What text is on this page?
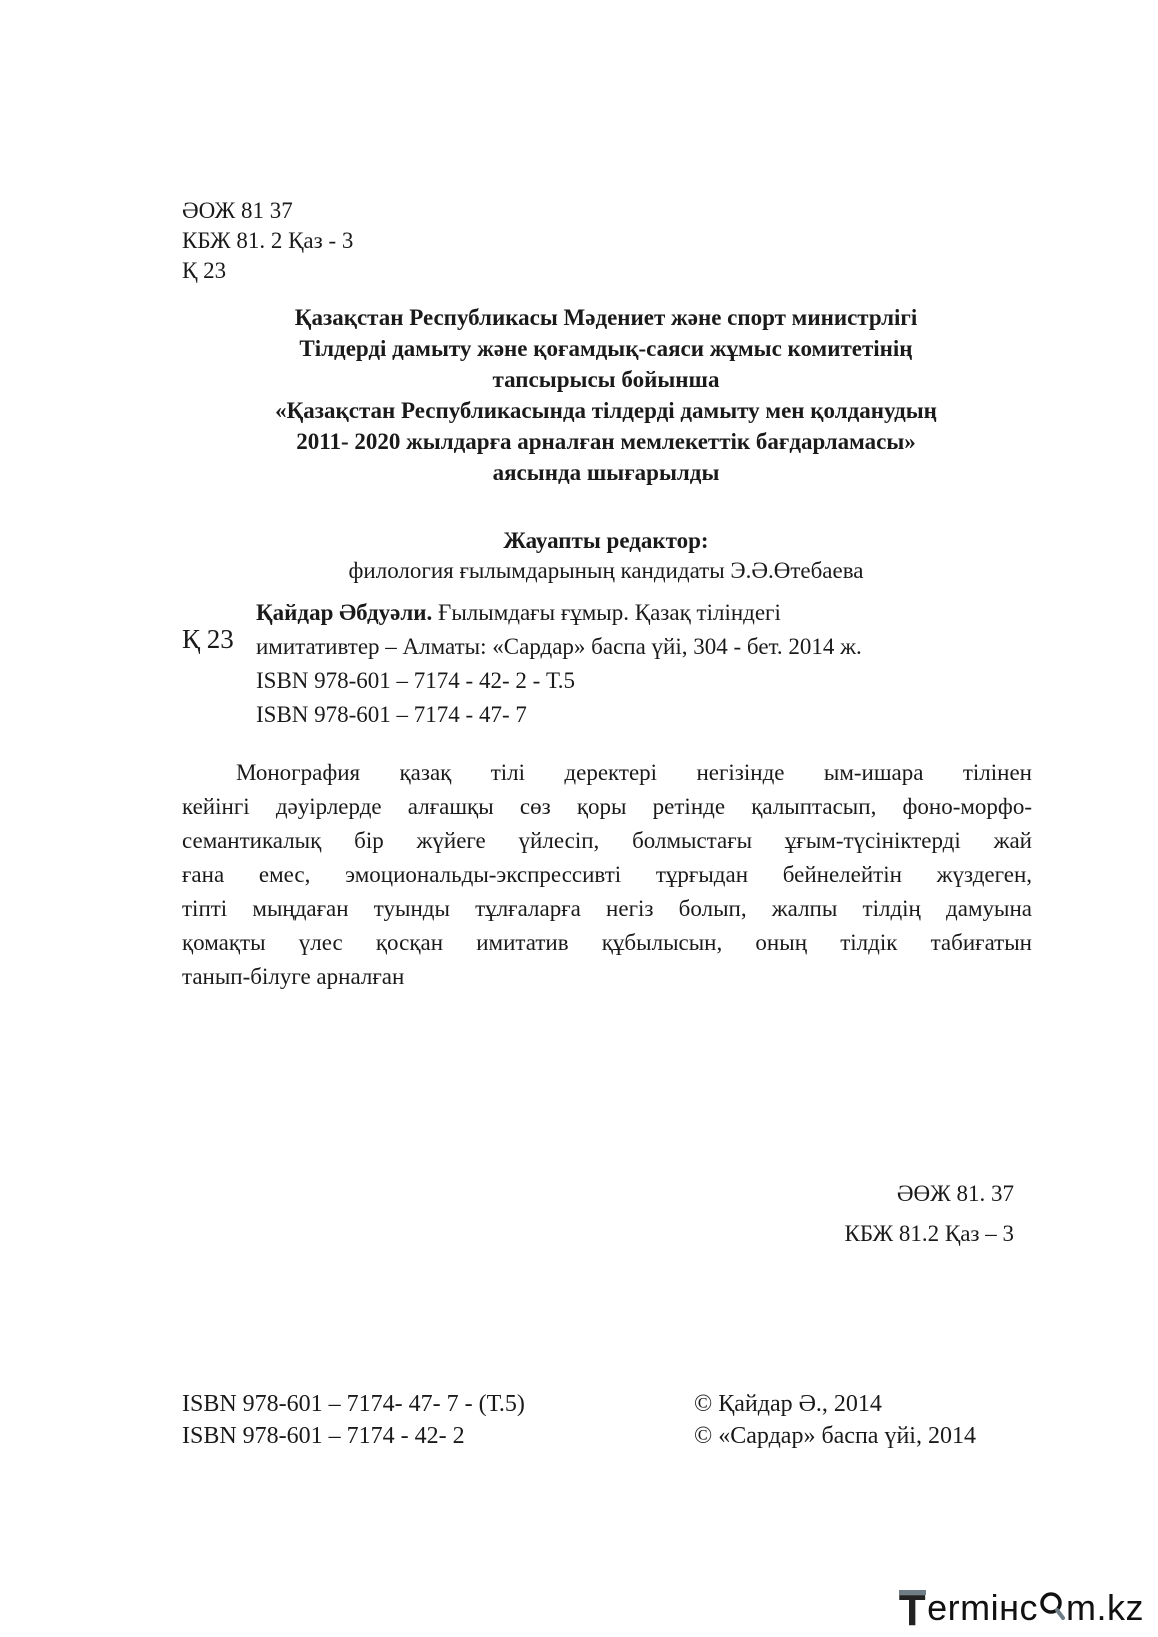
ӘОЖ 81 37
КБЖ 81. 2 Қаз - 3
Қ 23
Қазақстан Республикасы Мәдениет және спорт министрлігі
Тілдерді дамыту және қоғамдық-саяси жұмыс комитетінің
тапсырысы бойынша
«Қазақстан Республикасында тілдерді дамыту мен қолданудың
2011- 2020 жылдарға арналған мемлекеттік бағдарламасы»
аясында шығарылды
Жауапты редактор:
филология ғылымдарының кандидаты Э.Ә.Өтебаева
Қ 23
Қайдар Әбдуәли. Ғылымдағы ғұмыр. Қазақ тіліндегі
имитативтер – Алматы: «Сардар» баспа үйі, 304 - бет. 2014 ж.
ISBN 978-601 – 7174 - 42- 2 - Т.5
ISBN 978-601 – 7174 - 47- 7
Монография қазақ тілі деректері негізінде ым-ишара тілінен
кейінгі дәуірлерде алғашқы сөз қоры ретінде қалыптасып, фоно-морфо-
семантикалық бір жүйеге үйлесіп, болмыстағы ұғым-түсініктерді жай
ғана емес, эмоциональды-экспрессивті тұрғыдан бейнелейтін жүздеген,
тіпті мыңдаған туынды тұлғаларға негіз болып, жалпы тілдің дамуына
қомақты үлес қосқан имитатив құбылысын, оның тілдік табиғатын
танып-білуге арналған
ӘӨЖ 81. 37
КБЖ 81.2 Қаз – 3
ISBN 978-601 – 7174- 47- 7 - (Т.5)
ISBN 978-601 – 7174 - 42- 2
© Қайдар Ә., 2014
© «Сардар» баспа үйі, 2014
T ermінc m.kz
